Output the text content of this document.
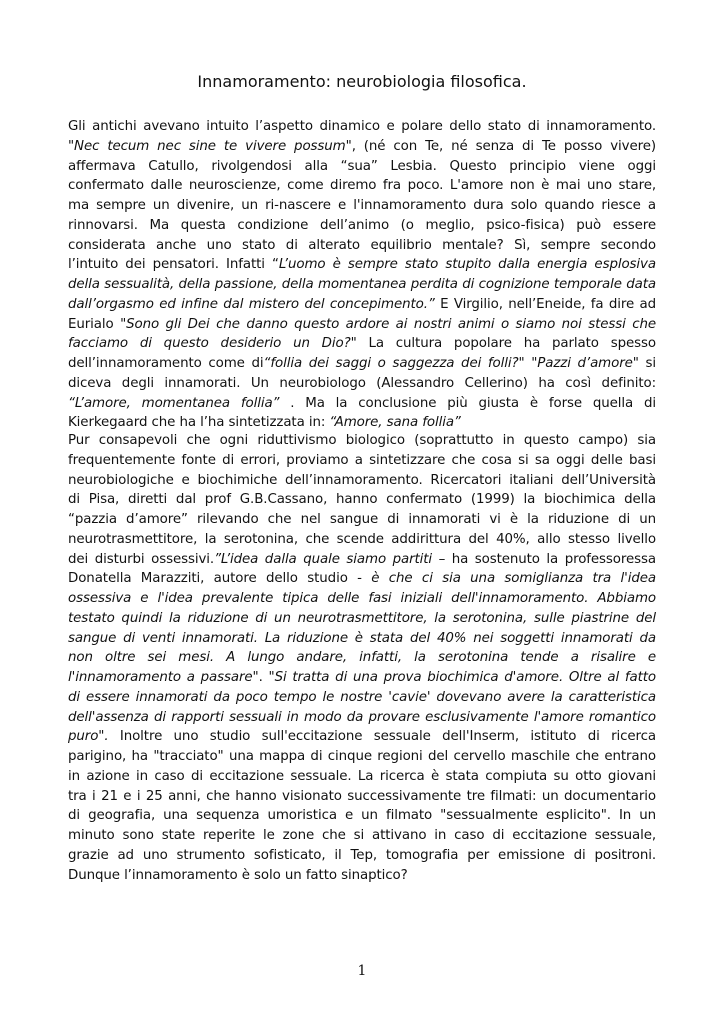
Innamoramento: neurobiologia filosofica.
Gli antichi avevano intuito l’aspetto dinamico e polare dello stato di innamoramento.
"Nec tecum nec sine te vivere possum", (né con Te, né senza di Te posso vivere)
affermava Catullo, rivolgendosi alla “sua” Lesbia. Questo principio viene oggi
confermato dalle neuroscienze, come diremo fra poco. L'amore non è mai uno stare,
ma sempre un divenire, un ri-nascere e l'innamoramento dura solo quando riesce a
rinnovarsi. Ma questa condizione dell’animo (o meglio, psico-fisica) può essere
considerata anche uno stato di alterato equilibrio mentale? Sì, sempre secondo
l’intuito dei pensatori. Infatti “L’uomo è sempre stato stupito dalla energia esplosiva
della sessualità, della passione, della momentanea perdita di cognizione temporale data
dall’orgasmo ed infine dal mistero del concepimento.” E Virgilio, nell’Eneide, fa dire ad
Eurialo "Sono gli Dei che danno questo ardore ai nostri animi o siamo noi stessi che
facciamo di questo desiderio un Dio?" La cultura popolare ha parlato spesso
dell’innamoramento come di“follia dei saggi o saggezza dei folli?" "Pazzi d’amore" si
diceva degli innamorati. Un neurobiologo (Alessandro Cellerino) ha così definito:
“L’amore, momentanea follia” . Ma la conclusione più giusta è forse quella di
Kierkegaard che ha l’ha sintetizzata in: “Amore, sana follia”
Pur consapevoli che ogni riduttivismo biologico (soprattutto in questo campo) sia
frequentemente fonte di errori, proviamo a sintetizzare che cosa si sa oggi delle basi
neurobiologiche e biochimiche dell’innamoramento. Ricercatori italiani dell’Università
di Pisa, diretti dal prof G.B.Cassano, hanno confermato (1999) la biochimica della
“pazzia d’amore” rilevando che nel sangue di innamorati vi è la riduzione di un
neurotrasmettitore, la serotonina, che scende addirittura del 40%, allo stesso livello
dei disturbi ossessivi.”L’idea dalla quale siamo partiti – ha sostenuto la professoressa
Donatella Marazziti, autore dello studio - è che ci sia una somiglianza tra l'idea
ossessiva e l'idea prevalente tipica delle fasi iniziali dell'innamoramento. Abbiamo
testato quindi la riduzione di un neurotrasmettitore, la serotonina, sulle piastrine del
sangue di venti innamorati. La riduzione è stata del 40% nei soggetti innamorati da
non oltre sei mesi. A lungo andare, infatti, la serotonina tende a risalire e
l'innamoramento a passare". "Si tratta di una prova biochimica d'amore. Oltre al fatto
di essere innamorati da poco tempo le nostre 'cavie' dovevano avere la caratteristica
dell'assenza di rapporti sessuali in modo da provare esclusivamente l'amore romantico
puro". Inoltre uno studio sull'eccitazione sessuale dell'Inserm, istituto di ricerca
parigino, ha "tracciato" una mappa di cinque regioni del cervello maschile che entrano
in azione in caso di eccitazione sessuale. La ricerca è stata compiuta su otto giovani
tra i 21 e i 25 anni, che hanno visionato successivamente tre filmati: un documentario
di geografia, una sequenza umoristica e un filmato "sessualmente esplicito". In un
minuto sono state reperite le zone che si attivano in caso di eccitazione sessuale,
grazie ad uno strumento sofisticato, il Tep, tomografia per emissione di positroni.
Dunque l’innamoramento è solo un fatto sinaptico?
1
